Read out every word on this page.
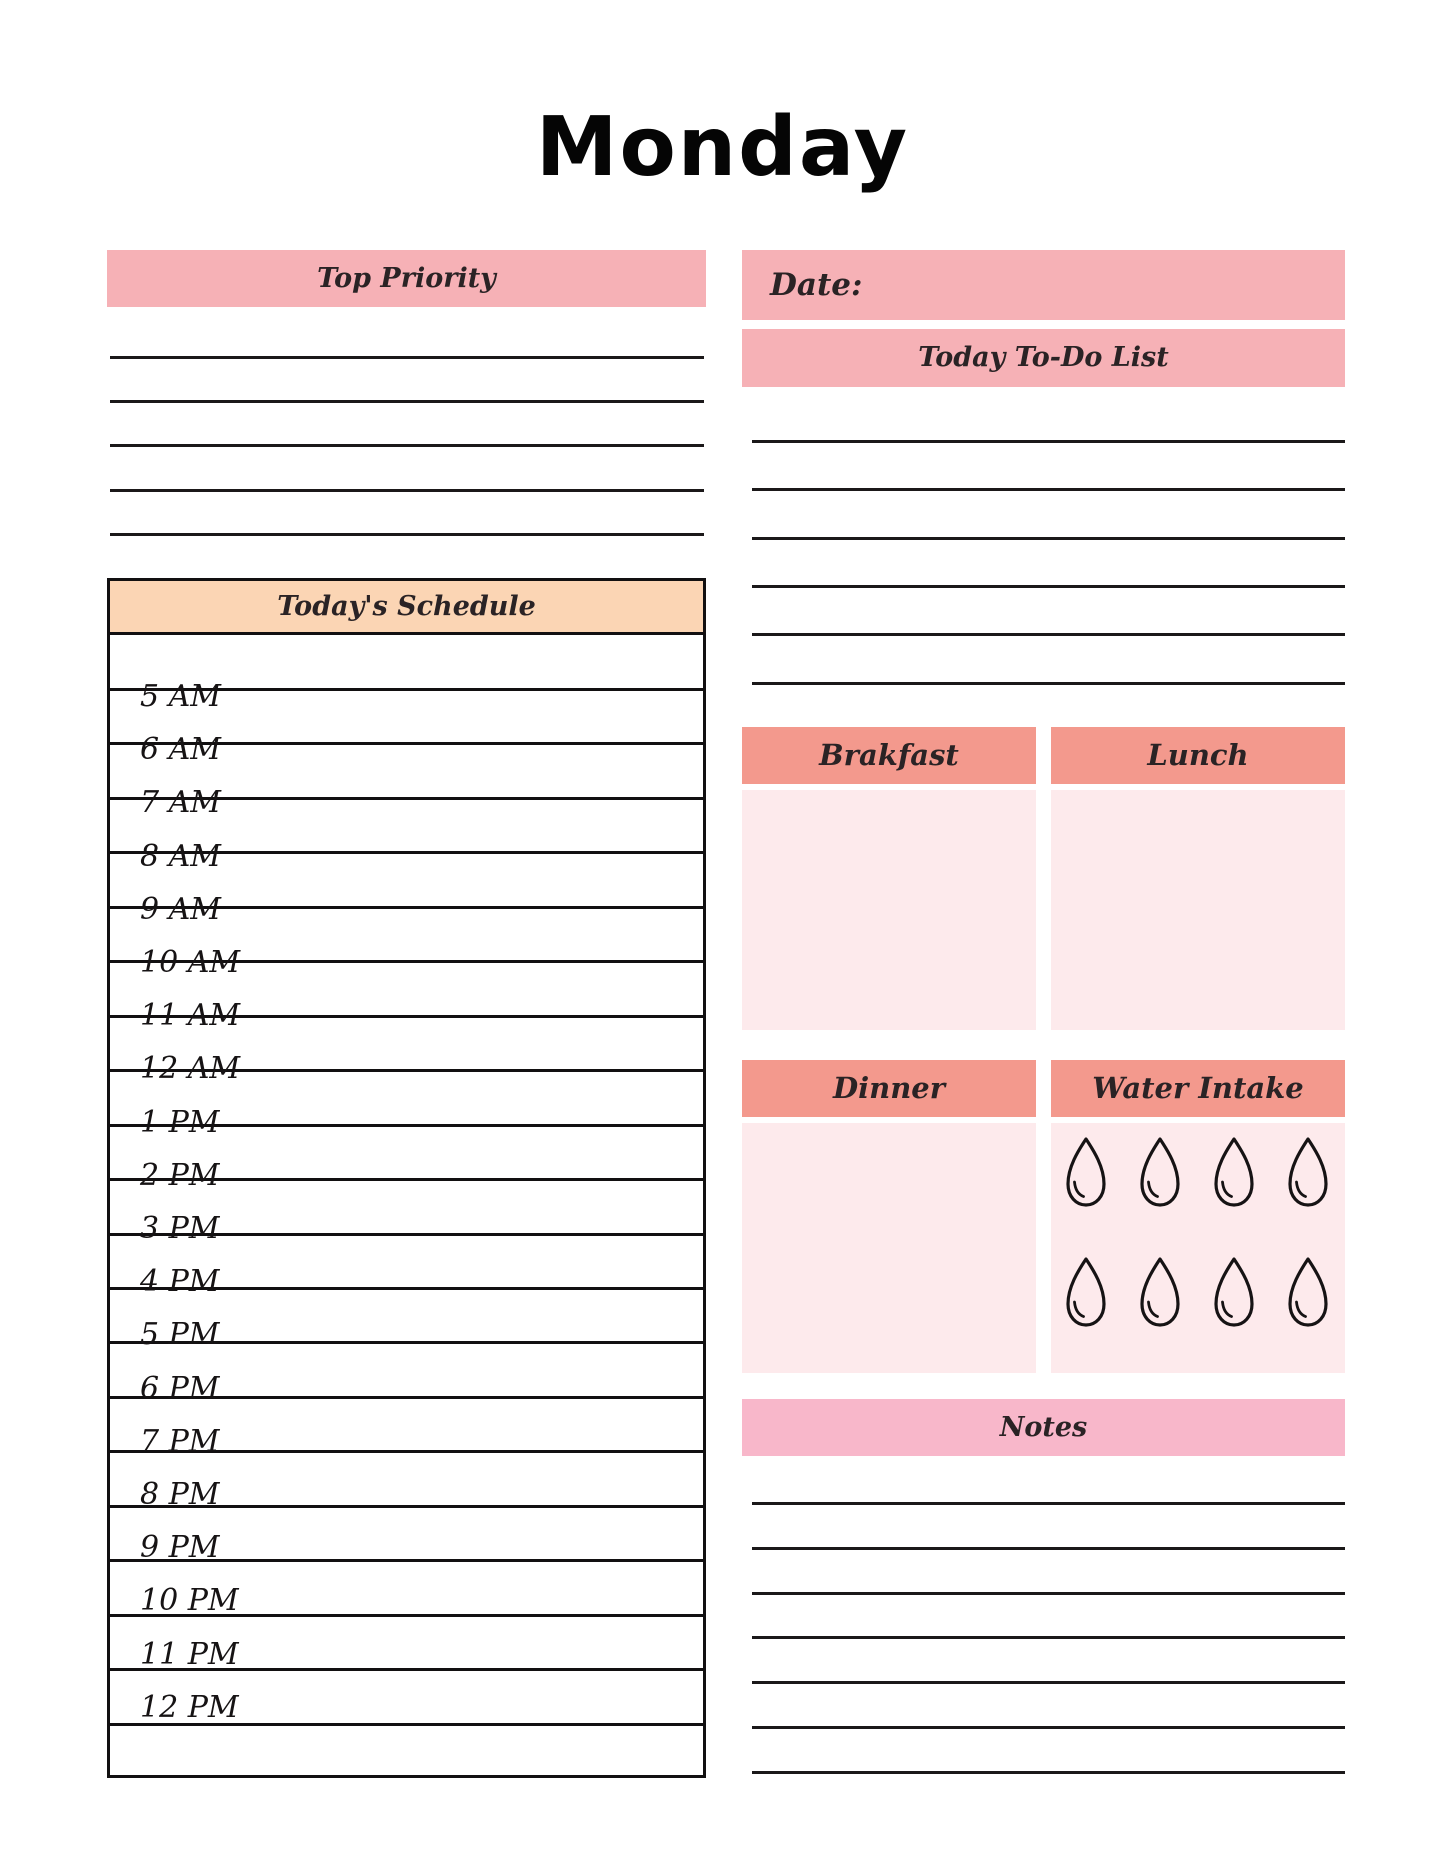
Monday
Top Priority
Today's Schedule
5 AM
6 AM
7 AM
8 AM
9 AM
10 AM
11 AM
12 AM
1 PM
2 PM
3 PM
4 PM
5 PM
6 PM
7 PM
8 PM
9 PM
10 PM
11 PM
12 PM
Date:
Today To-Do List
Brakfast	Lunch
Dinner	Water Intake
Notes
